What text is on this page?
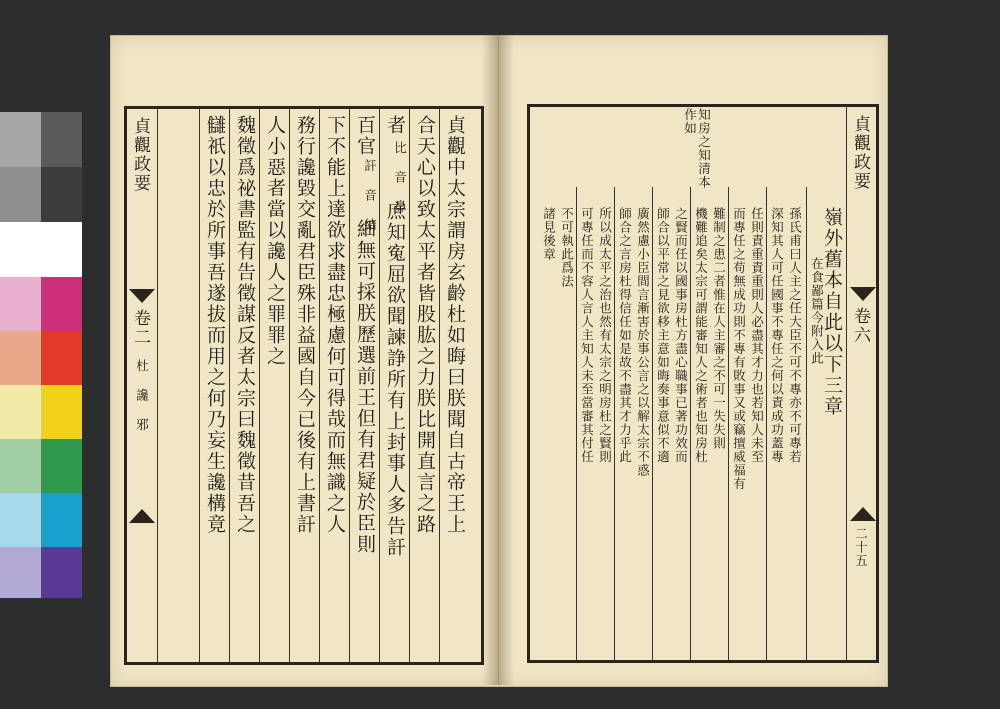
貞觀政要
卷二
杜 讒 邪	貞觀中太宗謂房玄齡杜如晦曰朕聞自古帝王上
合天心以致太平者皆股肱之力朕比開直言之路
者
比 音 鼻
庶知寃屈欲聞諫諍所有上封事人多告訐
百官
訐 音 結
細無可採朕歷選前王但有君疑於臣則
下不能上達欲求盡忠極慮何可得哉而無識之人
務行讒毀交亂君臣殊非益國自今已後有上書訐
人小惡者當以讒人之罪罪之
魏徵爲祕書監有告徵謀反者太宗曰魏徵昔吾之
讎祇以忠於所事吾遂拔而用之何乃妄生讒構竟	知房之知清本
作如	貞觀政要
卷六
二十五
嶺外舊本自此以下三章
在食鄙篇今附入此
孫氏甫曰人主之任大臣不可不專亦不可專若
深知其人可任國事不專任之何以責成功蓋專
任則責重責重則人必盡其才力也若知人未至
而專任之苟無成功則不專有敗事又或竊擅威福有
難制之患二者惟在人主審之不可一失失則
機難追矣太宗可謂能審知人之術者也知房杜
之賢而任以國事房杜方盡心職事已著功效而
師合以平常之見欲移主意如晦奏事意似不適
廣然慮小臣間言漸害於事公言之以解太宗不惑
師合之言房杜得信任如是故不盡其才力乎此
所以成太平之治也然有太宗之明房杜之賢則
可專任而不容人言人主知人未至當審其付任
不可執此爲法
諸見後章
